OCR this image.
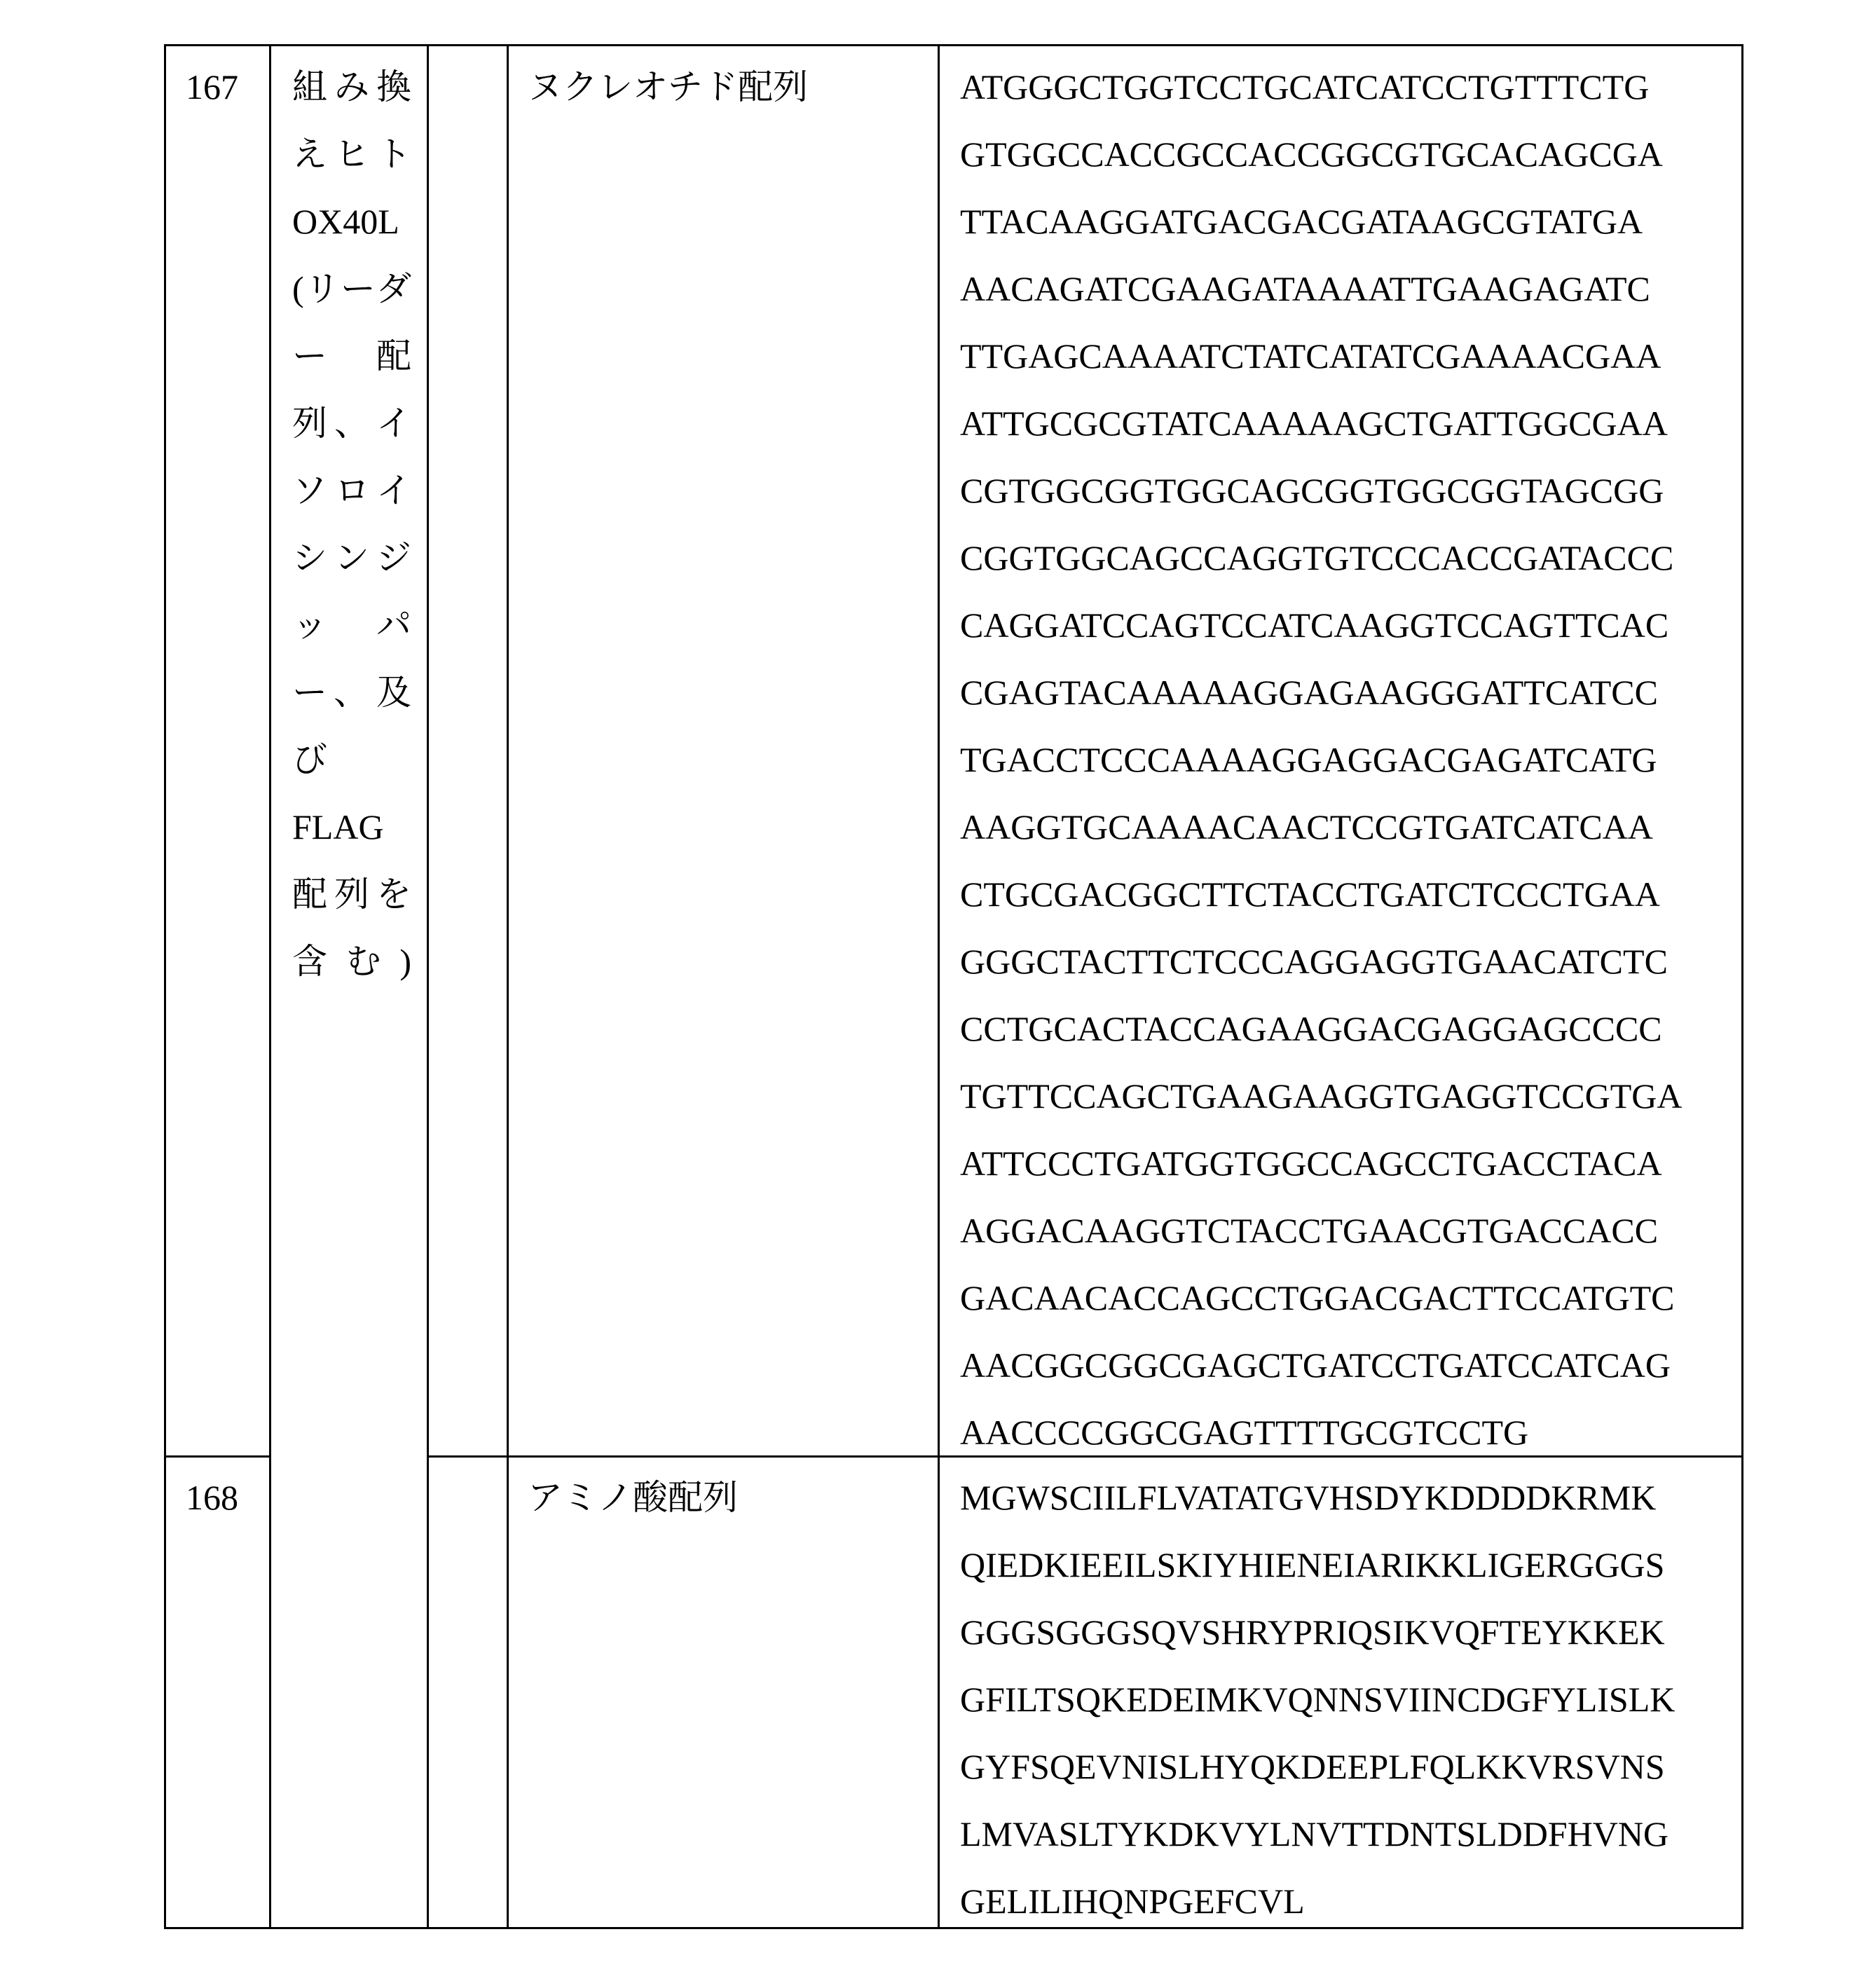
167 組み換
えヒト
OX40L
(リーダ
ー　配
列、イ
ソロイ
シンジ
ッ　パ
ー、及
び
FLAG
配列を
含む)
ヌクレオチド配列	ATGGGCTGGTCCTGCATCATCCTGTTTCTG
GTGGCCACCGCCACCGGCGTGCACAGCGA
TTACAAGGATGACGACGATAAGCGTATGA
AACAGATCGAAGATAAAATTGAAGAGATC
TTGAGCAAAATCTATCATATCGAAAACGAA
ATTGCGCGTATCAAAAAGCTGATTGGCGAA
CGTGGCGGTGGCAGCGGTGGCGGTAGCGG
CGGTGGCAGCCAGGTGTCCCACCGATACCC
CAGGATCCAGTCCATCAAGGTCCAGTTCAC
CGAGTACAAAAAGGAGAAGGGATTCATCC
TGACCTCCCAAAAGGAGGACGAGATCATG
AAGGTGCAAAACAACTCCGTGATCATCAA
CTGCGACGGCTTCTACCTGATCTCCCTGAA
GGGCTACTTCTCCCAGGAGGTGAACATCTC
CCTGCACTACCAGAAGGACGAGGAGCCCC
TGTTCCAGCTGAAGAAGGTGAGGTCCGTGA
ATTCCCTGATGGTGGCCAGCCTGACCTACA
AGGACAAGGTCTACCTGAACGTGACCACC
GACAACACCAGCCTGGACGACTTCCATGTC
AACGGCGGCGAGCTGATCCTGATCCATCAG
AACCCCGGCGAGTTTTGCGTCCTG
168	アミノ酸配列	MGWSCIILFLVATATGVHSDYKDDDDKRMK
QIEDKIEEILSKIYHIENEIARIKKLIGERGGGS
GGGSGGGSQVSHRYPRIQSIKVQFTEYKKEK
GFILTSQKEDEIMKVQNNSVIINCDGFYLISLK
GYFSQEVNISLHYQKDEEPLFQLKKVRSVNS
LMVASLTYKDKVYLNVTTDNTSLDDFHVNG
GELILIHQNPGEFCVL
